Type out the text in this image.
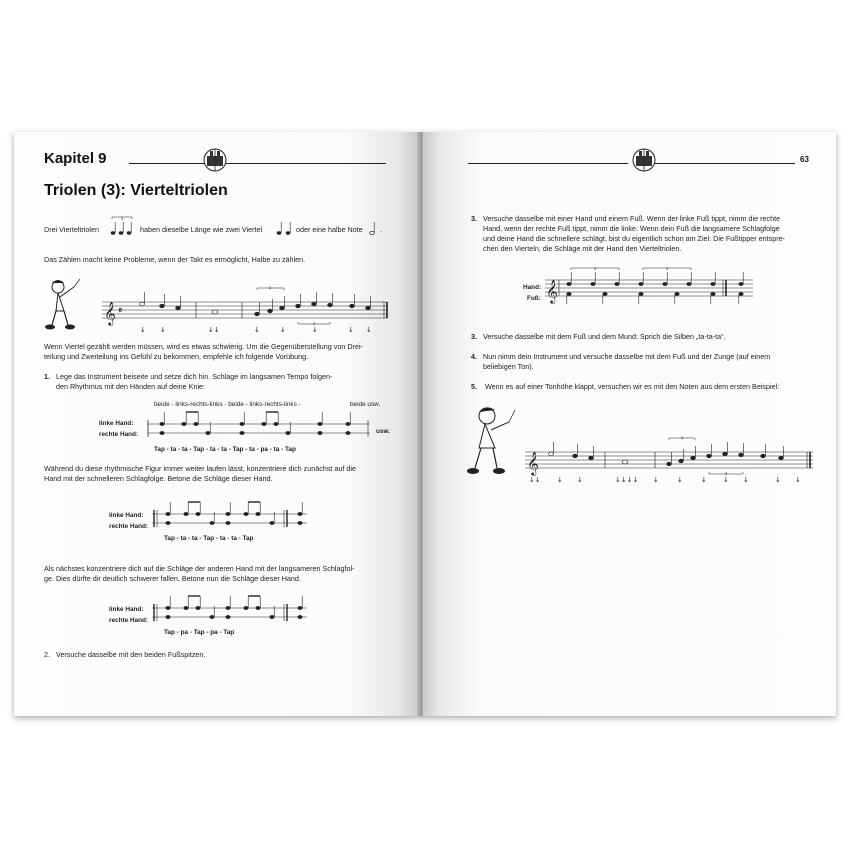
Kapitel 9
Triolen (3): Vierteltriolen
Drei Vierteltriolen
3
haben dieselbe Länge wie zwei Viertel	oder eine halbe Note .
Das Zählen macht keine Probleme, wenn der Takt es ermöglicht, Halbe zu zählen.
𝄞 𝄵
3
3
↓ ↓	↓↓	↓	↓	↓	↓ ↓
Wenn Viertel gezählt werden müssen, wird es etwas schwierig. Um die Gegenüberstellung von Drei-
teilung und Zweiteilung ins Gefühl zu bekommen, empfehle ich folgende Vorübung.
1. Lege das Instrument beiseite und setze dich hin. Schlage im langsamen Tempo folgen-
den Rhythmus mit den Händen auf deine Knie:
beide - links-rechts-links - beide - links-rechts-links -	beide usw.
linke Hand:
rechte Hand:	usw.
Tap - ta - ta - Tap - ta - ta - Tap - ta - pa - ta - Tap
Während du diese rhythmische Figur immer weiter laufen lässt, konzentriere dich zunächst auf die
Hand mit der schnelleren Schlagfolge. Betone die Schläge dieser Hand.
linke Hand:
rechte Hand:
Tap - ta - ta - Tap - ta - ta - Tap
Als nächstes konzentriere dich auf die Schläge der anderen Hand mit der langsameren Schlagfol-
ge. Dies dürfte dir deutlich schwerer fallen. Betone nun die Schläge dieser Hand.
linke Hand:
rechte Hand:
Tap - pa - Tap - pa - Tap
2. Versuche dasselbe mit den beiden Fußspitzen.
63
3. Versuche dasselbe mit einer Hand und einem Fuß. Wenn der linke Fuß tippt, nimm die rechte
Hand, wenn der rechte Fuß tippt, nimm die linke. Wenn dein Fuß die langsamere Schlagfolge
und deine Hand die schnellere schlägt, bist du eigentlich schon am Ziel: Die Fußtipper entspre-
chen den Vierteln, die Schläge mit der Hand den Vierteltriolen.
Hand:
Fuß: 𝄞
3	3
3. Versuche dasselbe mit dem Fuß und dem Mund: Sprich die Silben „ta-ta-ta“.
4. Nun nimm dein Instrument und versuche dasselbe mit dem Fuß und der Zunge (auf einem
beliebigen Ton).
5. Wenn es auf einer Tonhöhe klappt, versuchen wir es mit den Noten aus dem ersten Beispiel:
𝄞
3
3
↓↓ ↓ ↓	↓↓↓↓ ↓	↓	↓ ↓ ↓	↓ ↓
